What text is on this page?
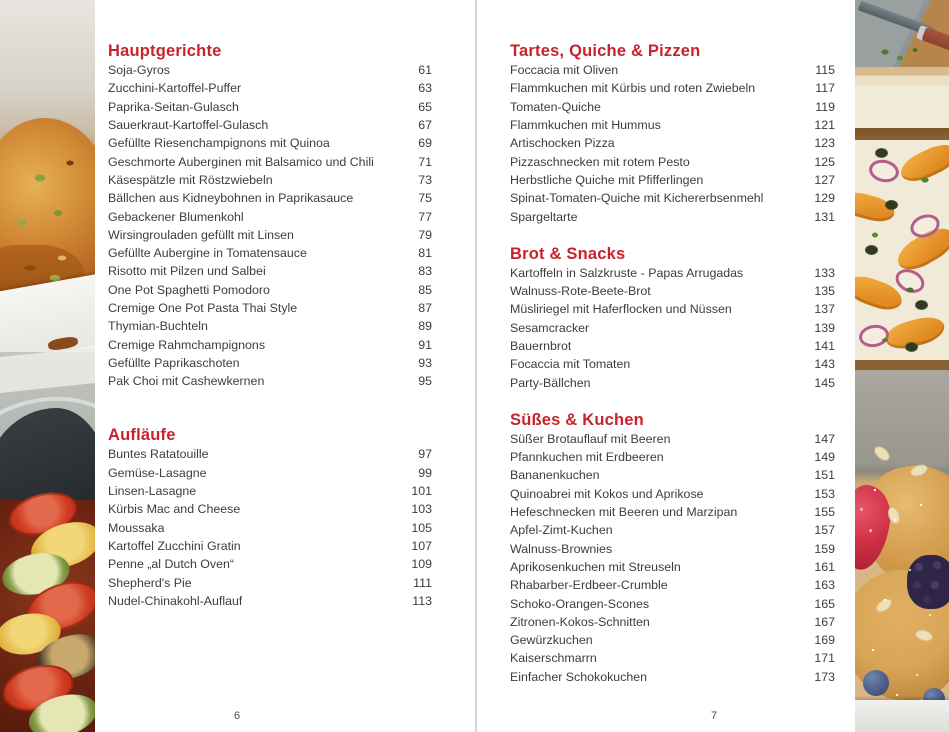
Hauptgerichte
Soja-Gyros	61
Zucchini-Kartoffel-Puffer	63
Paprika-Seitan-Gulasch	65
Sauerkraut-Kartoffel-Gulasch	67
Gefüllte Riesenchampignons mit Quinoa	69
Geschmorte Auberginen mit Balsamico und Chili	71
Käsespätzle mit Röstzwiebeln	73
Bällchen aus Kidneybohnen in Paprikasauce	75
Gebackener Blumenkohl	77
Wirsingrouladen gefüllt mit Linsen	79
Gefüllte Aubergine in Tomatensauce	81
Risotto mit Pilzen und Salbei	83
One Pot Spaghetti Pomodoro	85
Cremige One Pot Pasta Thai Style	87
Thymian-Buchteln	89
Cremige Rahmchampignons	91
Gefüllte Paprikaschoten	93
Pak Choi mit Cashewkernen	95
Aufläufe
Buntes Ratatouille	97
Gemüse-Lasagne	99
Linsen-Lasagne	101
Kürbis Mac and Cheese	103
Moussaka	105
Kartoffel Zucchini Gratin	107
Penne „al Dutch Oven“	109
Shepherd's Pie	111
Nudel-Chinakohl-Auflauf	113
6
Tartes, Quiche & Pizzen
Foccacia mit Oliven	115
Flammkuchen mit Kürbis und roten Zwiebeln	117
Tomaten-Quiche	119
Flammkuchen mit Hummus	121
Artischocken Pizza	123
Pizzaschnecken mit rotem Pesto	125
Herbstliche Quiche mit Pfifferlingen	127
Spinat-Tomaten-Quiche mit Kichererbsenmehl	129
Spargeltarte	131
Brot & Snacks
Kartoffeln in Salzkruste - Papas Arrugadas	133
Walnuss-Rote-Beete-Brot	135
Müsliriegel mit Haferflocken und Nüssen	137
Sesamcracker	139
Bauernbrot	141
Focaccia mit Tomaten	143
Party-Bällchen	145
Süßes & Kuchen
Süßer Brotauflauf mit Beeren	147
Pfannkuchen mit Erdbeeren	149
Bananenkuchen	151
Quinoabrei mit Kokos und Aprikose	153
Hefeschnecken mit Beeren und Marzipan	155
Apfel-Zimt-Kuchen	157
Walnuss-Brownies	159
Aprikosenkuchen mit Streuseln	161
Rhabarber-Erdbeer-Crumble	163
Schoko-Orangen-Scones	165
Zitronen-Kokos-Schnitten	167
Gewürzkuchen	169
Kaiserschmarrn	171
Einfacher Schokokuchen	173
7
